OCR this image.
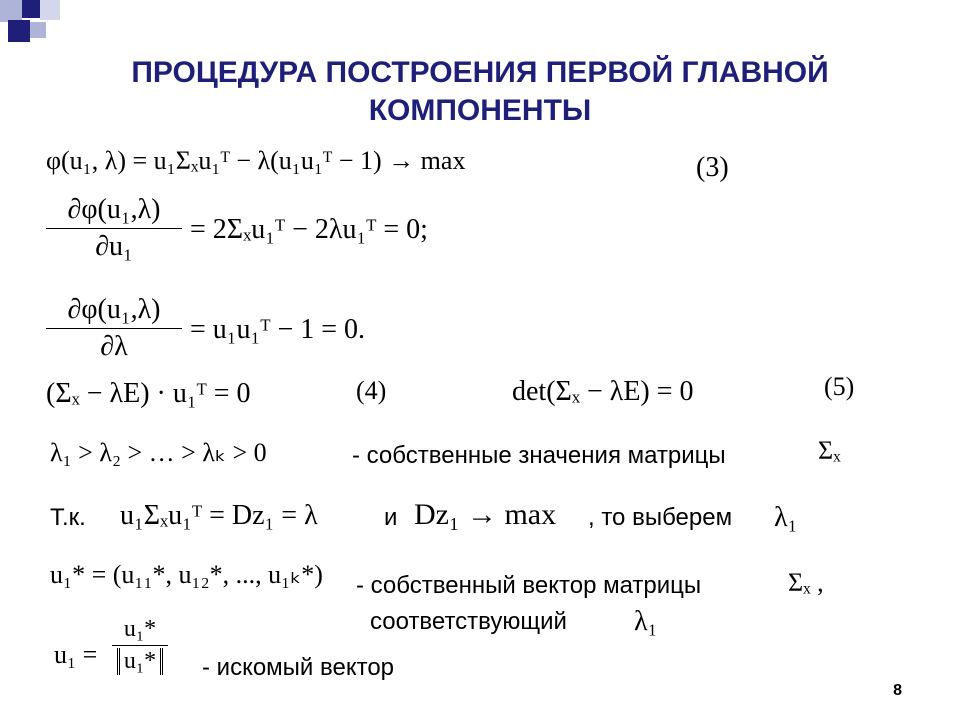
ПРОЦЕДУРА ПОСТРОЕНИЯ ПЕРВОЙ ГЛАВНОЙ
КОМПОНЕНТЫ
φ(u₁, λ) = u₁Σₓu₁ᵀ − λ(u₁u₁ᵀ − 1) → max	(3)
∂φ(u₁,λ)
∂u₁
= 2Σₓu₁ᵀ − 2λu₁ᵀ = 0;
∂φ(u₁,λ)
∂λ
= u₁u₁ᵀ − 1 = 0.
(Σₓ − λE) · u₁ᵀ = 0	(4)	det(Σₓ − λE) = 0	(5)
λ₁ > λ₂ > … > λₖ > 0	- собственные значения матрицы	Σₓ
Т.к. u₁Σₓu₁ᵀ = Dz₁ = λ	и Dz₁ → max , то выберем λ₁
u₁* = (u₁₁*, u₁₂*, ..., u₁ₖ*) - собственный вектор матрицы	Σₓ ,
соответствующий λ₁
u₁ =
u₁*
u₁*	- искомый вектор
8
